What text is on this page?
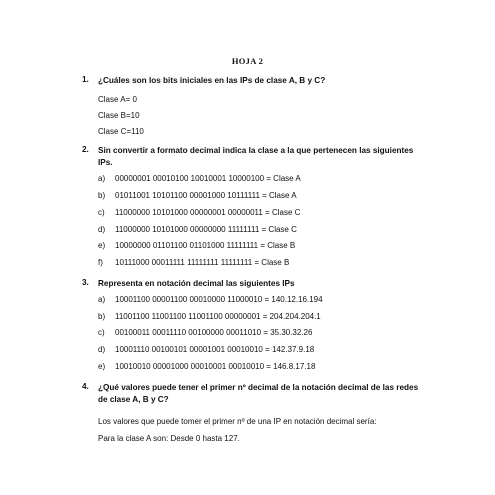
HOJA 2
1. ¿Cuáles son los bits iniciales en las IPs de clase A, B y C?
Clase A= 0
Clase B=10
Clase C=110
2. Sin convertir a formato decimal indica la clase a la que pertenecen las siguientes IPs.
a) 00000001 00010100 10010001 10000100 = Clase A
b) 01011001 10101100 00001000 10111111 = Clase A
c) 11000000 10101000 00000001 00000011 = Clase C
d) 11000000 10101000 00000000 11111111 = Clase C
e) 10000000 01101100 01101000 11111111 = Clase B
f) 10111000 00011111 11111111 11111111 = Clase B
3. Representa en notación decimal las siguientes IPs
a) 10001100 00001100 00010000 11000010 = 140.12.16.194
b) 11001100 11001100 11001100 00000001 = 204.204.204.1
c) 00100011 00011110 00100000 00011010 = 35.30.32.26
d) 10001110 00100101 00001001 00010010 = 142.37.9.18
e) 10010010 00001000 00010001 00010010 = 146.8.17.18
4. ¿Qué valores puede tener el primer nº decimal de la notación decimal de las redes de clase A, B y C?
Los valores que puede tomer el primer nº de una IP en notación decimal sería:
Para la clase A son: Desde 0 hasta 127.
